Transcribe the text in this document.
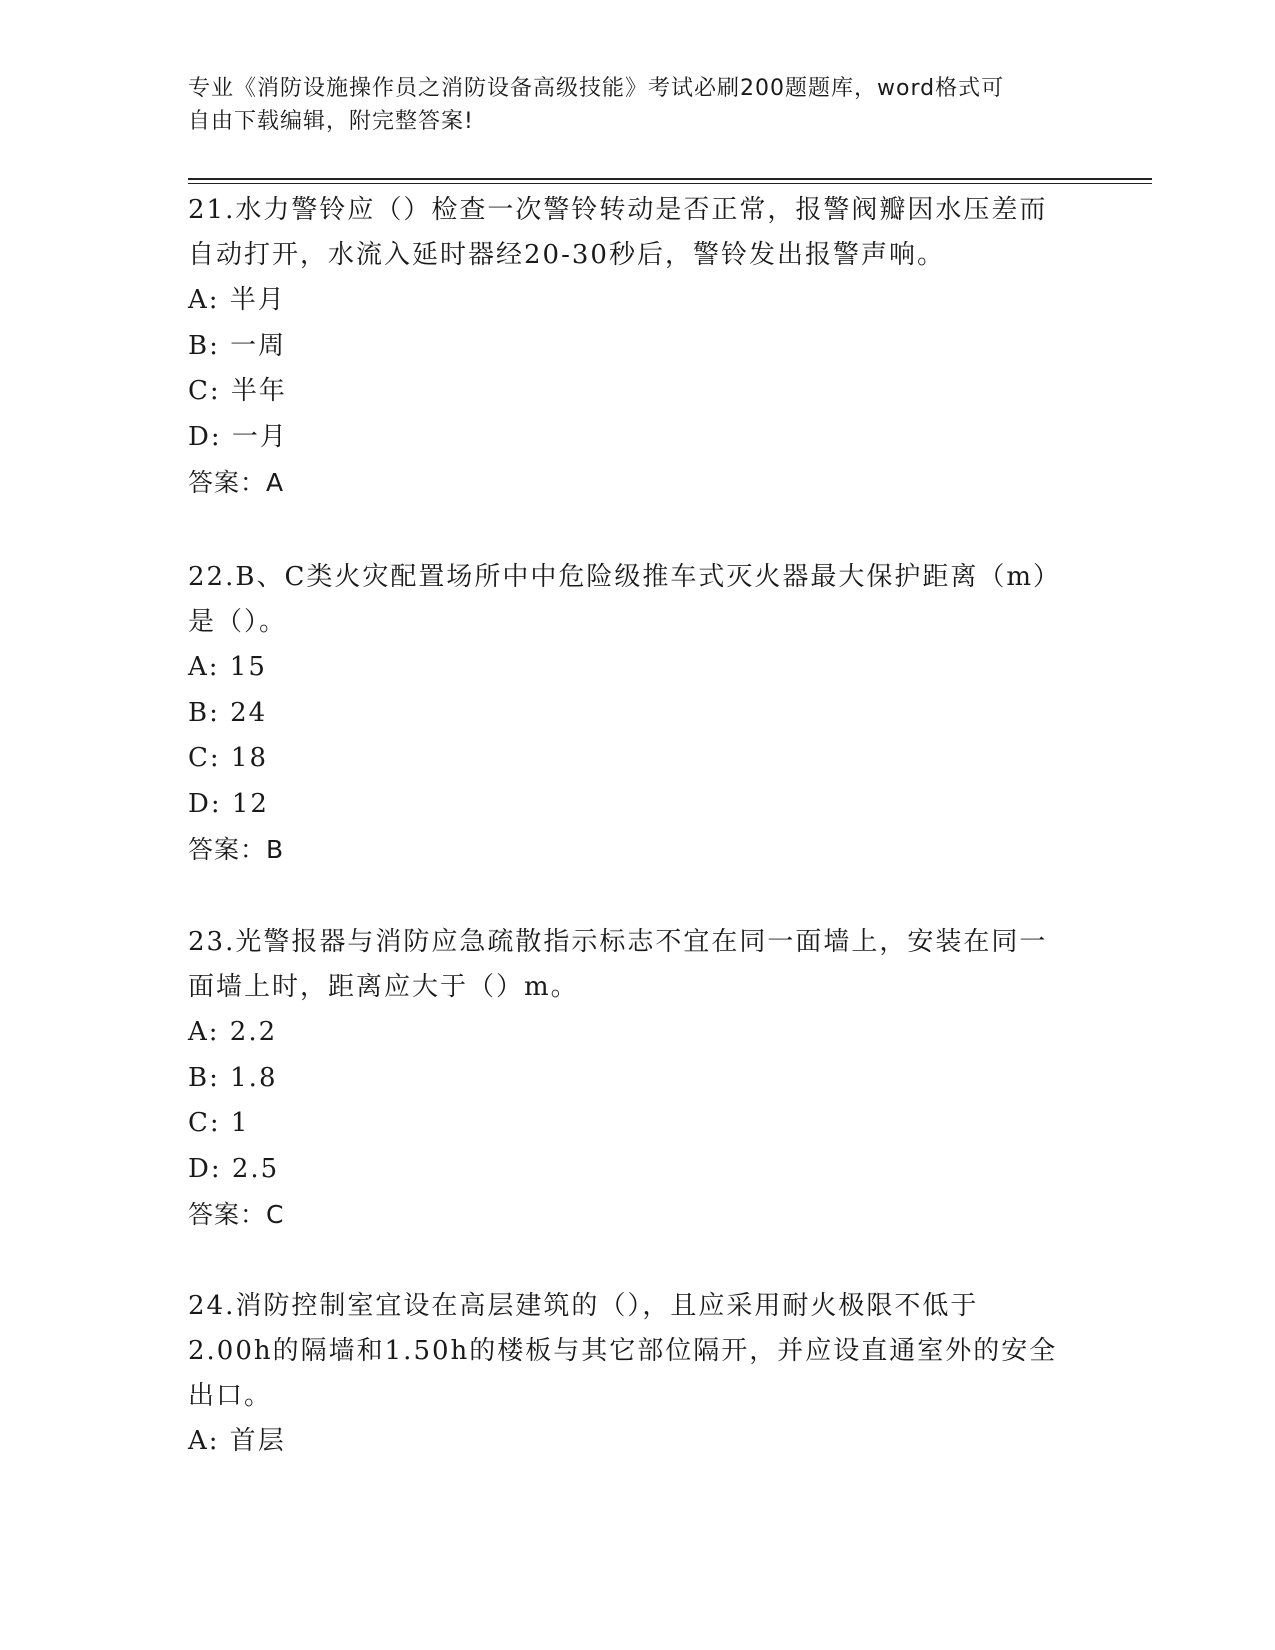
专业《消防设施操作员之消防设备高级技能》考试必刷200题题库，word格式可
自由下载编辑，附完整答案!
21.水力警铃应（）检查一次警铃转动是否正常，报警阀瓣因水压差而
自动打开，水流入延时器经20-30秒后，警铃发出报警声响。
A: 半月
B: 一周
C: 半年
D: 一月
答案：A
22.B、C类火灾配置场所中中危险级推车式灭火器最大保护距离（m）
是（）。
A: 15
B: 24
C: 18
D: 12
答案：B
23.光警报器与消防应急疏散指示标志不宜在同一面墙上，安装在同一
面墙上时，距离应大于（）m。
A: 2.2
B: 1.8
C: 1
D: 2.5
答案：C
24.消防控制室宜设在高层建筑的（），且应采用耐火极限不低于
2.00h的隔墙和1.50h的楼板与其它部位隔开，并应设直通室外的安全
出口。
A: 首层
